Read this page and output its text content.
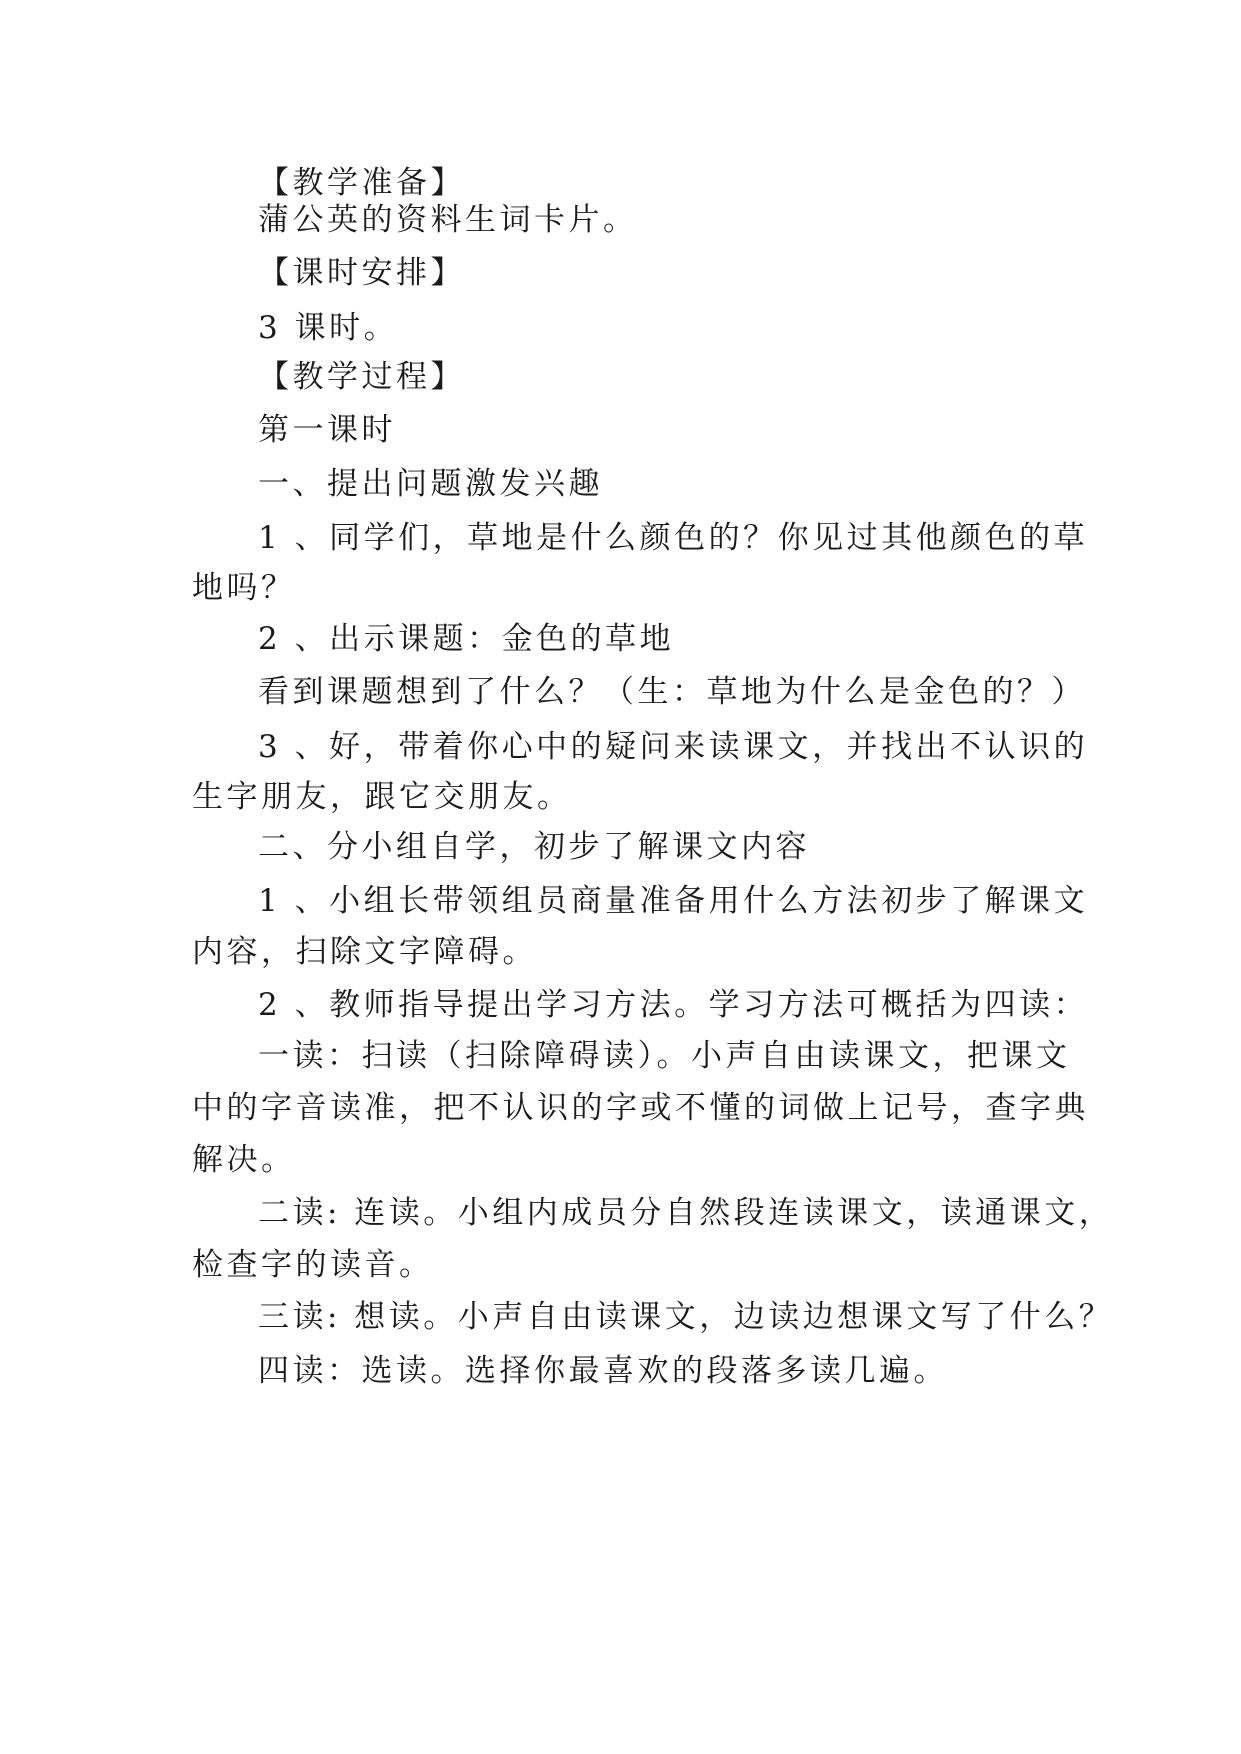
【教学准备】

蒲公英的资料生词卡片。

【课时安排】

3 课时。

【教学过程】

第一课时

一、提出问题激发兴趣

1 、同学们，草地是什么颜色的？你见过其他颜色的草

地吗？

2 、出示课题：金色的草地

看到课题想到了什么？（生：草地为什么是金色的？）

3 、好，带着你心中的疑问来读课文，并找出不认识的

生字朋友，跟它交朋友。

二、分小组自学，初步了解课文内容

1 、小组长带领组员商量准备用什么方法初步了解课文

内容，扫除文字障碍。

2 、教师指导提出学习方法。学习方法可概括为四读：

一读：扫读（扫除障碍读）。小声自由读课文，把课文

中的字音读准，把不认识的字或不懂的词做上记号，查字典

解决。

二读: 连读。小组内成员分自然段连读课文，读通课文，

检查字的读音。

三读: 想读。小声自由读课文，边读边想课文写了什么？

四读：选读。选择你最喜欢的段落多读几遍。
